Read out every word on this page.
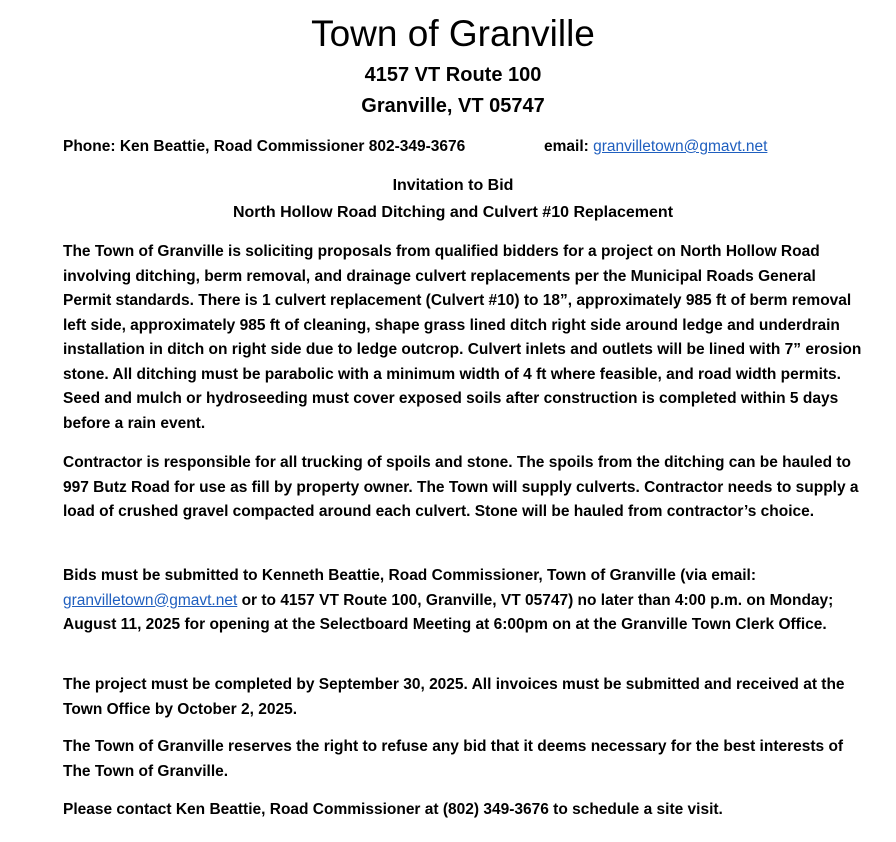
Town of Granville
4157 VT Route 100
Granville, VT 05747
Phone: Ken Beattie, Road Commissioner 802-349-3676	email: granvilletown@gmavt.net
Invitation to Bid
North Hollow Road Ditching and Culvert #10 Replacement

The Town of Granville is soliciting proposals from qualified bidders for a project on North Hollow Road involving ditching, berm removal, and drainage culvert replacements per the Municipal Roads General Permit standards. There is 1 culvert replacement (Culvert #10) to 18”, approximately 985 ft of berm removal left side, approximately 985 ft of cleaning, shape grass lined ditch right side around ledge and underdrain installation in ditch on right side due to ledge outcrop. Culvert inlets and outlets will be lined with 7” erosion stone. All ditching must be parabolic with a minimum width of 4 ft where feasible, and road width permits. Seed and mulch or hydroseeding must cover exposed soils after construction is completed within 5 days before a rain event.

Contractor is responsible for all trucking of spoils and stone. The spoils from the ditching can be hauled to 997 Butz Road for use as fill by property owner. The Town will supply culverts. Contractor needs to supply a load of crushed gravel compacted around each culvert. Stone will be hauled from contractor’s choice.

Bids must be submitted to Kenneth Beattie, Road Commissioner, Town of Granville (via email: granvilletown@gmavt.net or to 4157 VT Route 100, Granville, VT 05747) no later than 4:00 p.m. on Monday; August 11, 2025 for opening at the Selectboard Meeting at 6:00pm on at the Granville Town Clerk Office.

The project must be completed by September 30, 2025. All invoices must be submitted and received at the Town Office by October 2, 2025.

The Town of Granville reserves the right to refuse any bid that it deems necessary for the best interests of The Town of Granville.

Please contact Ken Beattie, Road Commissioner at (802) 349-3676 to schedule a site visit.
